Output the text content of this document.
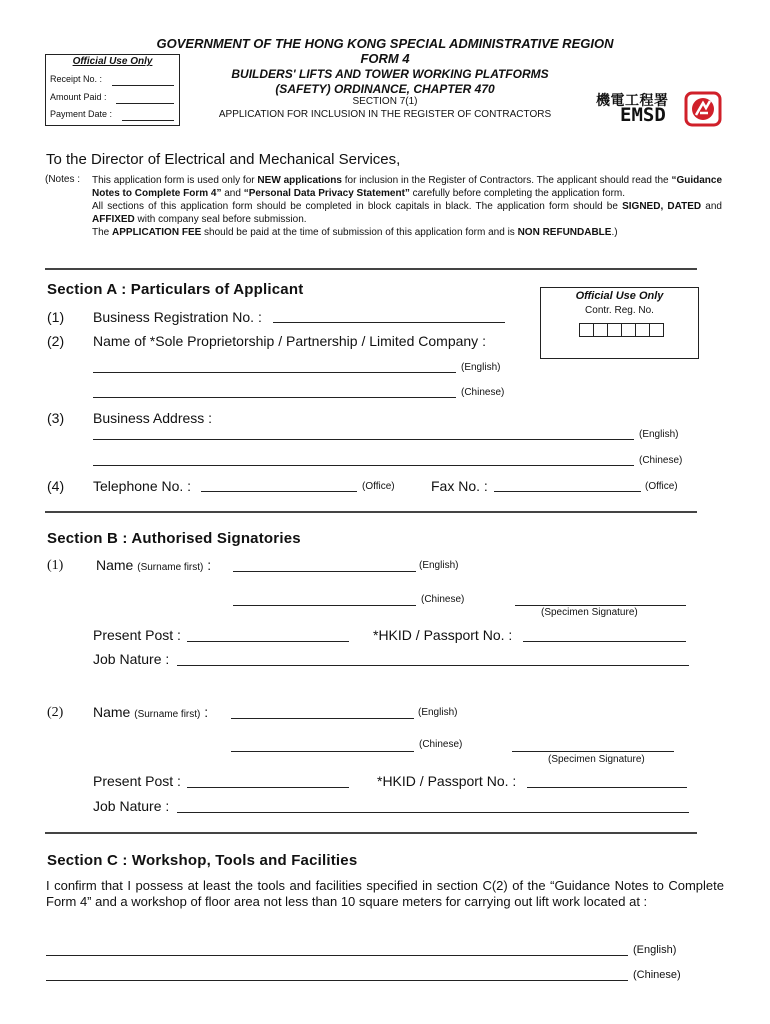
GOVERNMENT OF THE HONG KONG SPECIAL ADMINISTRATIVE REGION
FORM 4
BUILDERS' LIFTS AND TOWER WORKING PLATFORMS
(SAFETY) ORDINANCE, CHAPTER 470
SECTION 7(1)
APPLICATION FOR INCLUSION IN THE REGISTER OF CONTRACTORS
Official Use Only
Receipt No. :
Amount Paid :
Payment Date :
機電工程署
EMSD
To the Director of Electrical and Mechanical Services,
(Notes : This application form is used only for NEW applications for inclusion in the Register of Contractors. The applicant should read the “Guidance Notes to Complete Form 4” and “Personal Data Privacy Statement” carefully before completing the application form.
All sections of this application form should be completed in block capitals in black. The application form should be SIGNED, DATED and AFFIXED with company seal before submission.
The APPLICATION FEE should be paid at the time of submission of this application form and is NON REFUNDABLE.)
Section A : Particulars of Applicant	Official Use Only
Contr. Reg. No.
(1) Business Registration No. :
(2) Name of *Sole Proprietorship / Partnership / Limited Company :
(English)
(Chinese)
(3) Business Address :
(English)
(Chinese)
(4) Telephone No. :	(Office)	Fax No. :	(Office)
Section B : Authorised Signatories
(1) Name (Surname first) :	(English)
(Chinese)
(Specimen Signature)
Present Post :	*HKID / Passport No. :
Job Nature :
(2) Name (Surname first) :	(English)
(Chinese)
(Specimen Signature)
Present Post :	*HKID / Passport No. :
Job Nature :
Section C : Workshop, Tools and Facilities
I confirm that I possess at least the tools and facilities specified in section C(2) of the “Guidance Notes to Complete Form 4” and a workshop of floor area not less than 10 square meters for carrying out lift work located at :
(English)
(Chinese)
